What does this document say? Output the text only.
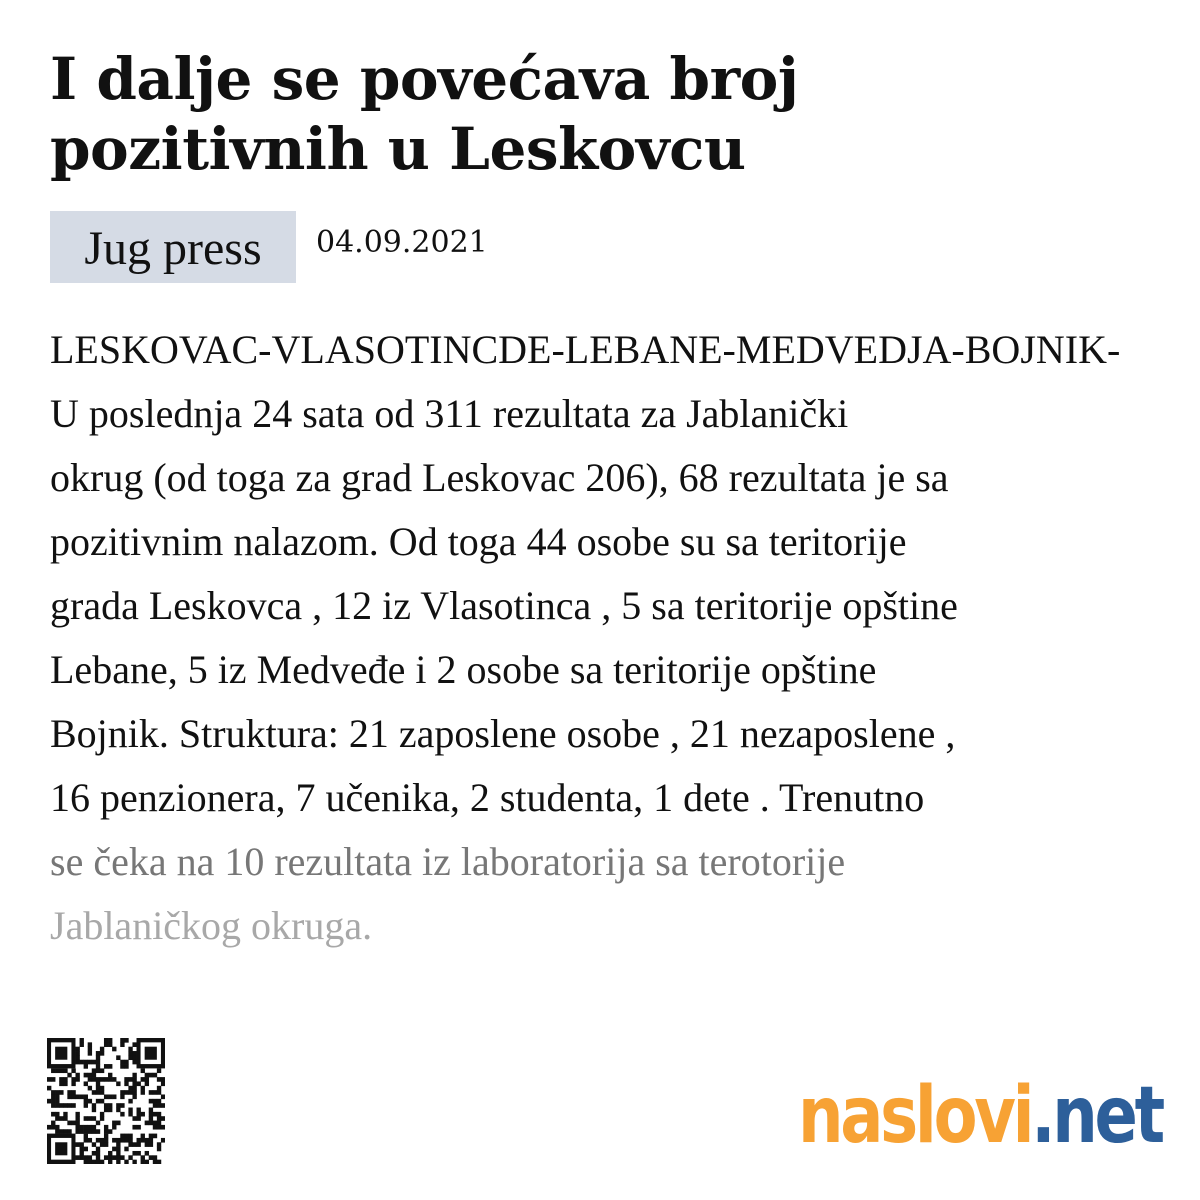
I dalje se povećava broj
pozitivnih u Leskovcu
Jug press	04.09.2021
LESKOVAC-VLASOTINCDE-LEBANE-MEDVEDJA-BOJNIK-
U poslednja 24 sata od 311 rezultata za Jablanički
okrug (od toga za grad Leskovac 206), 68 rezultata je sa
pozitivnim nalazom. Od toga 44 osobe su sa teritorije
grada Leskovca , 12 iz Vlasotinca , 5 sa teritorije opštine
Lebane, 5 iz Medveđe i 2 osobe sa teritorije opštine
Bojnik. Struktura: 21 zaposlene osobe , 21 nezaposlene ,
16 penzionera, 7 učenika, 2 studenta, 1 dete . Trenutno
se čeka na 10 rezultata iz laboratorija sa terotorije
Jablaničkog okruga.
naslovi.net
